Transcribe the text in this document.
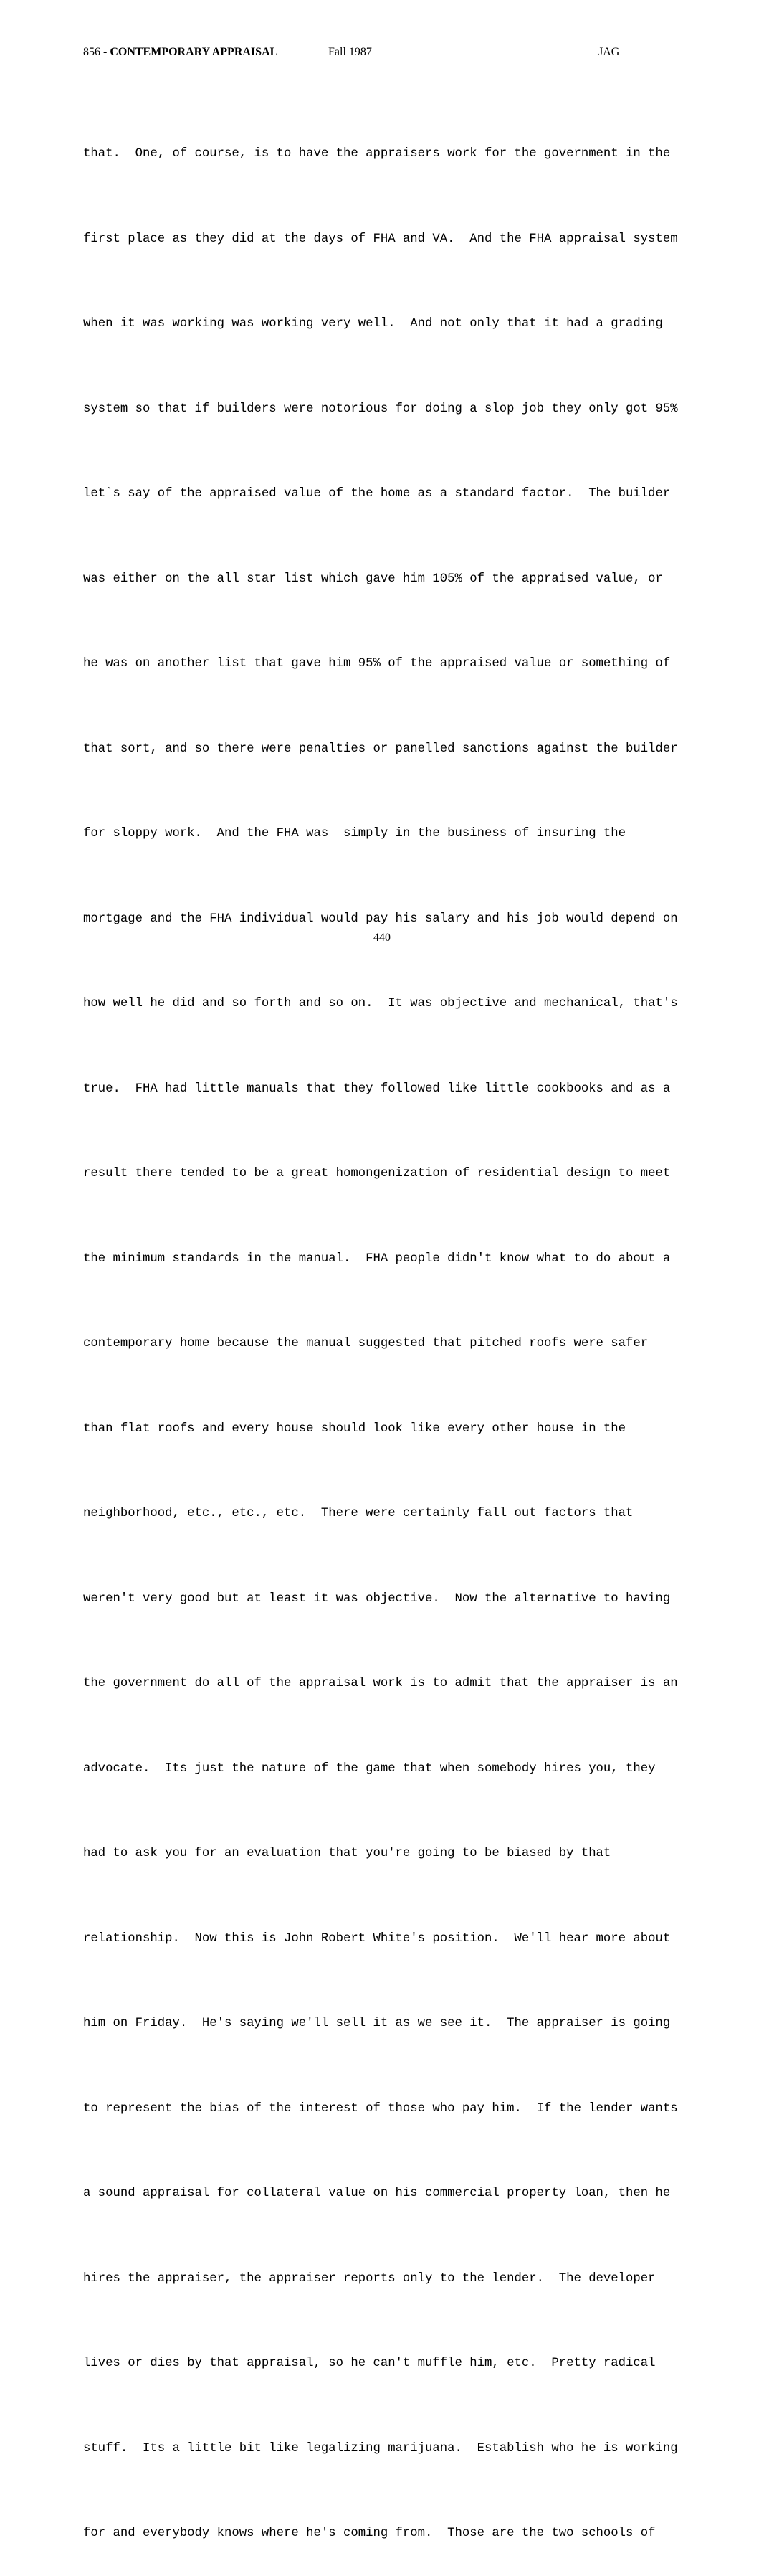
856 - CONTEMPORARY APPRAISAL	Fall 1987	JAG

that.  One, of course, is to have the appraisers work for the government in the

first place as they did at the days of FHA and VA.  And the FHA appraisal system

when it was working was working very well.  And not only that it had a grading

system so that if builders were notorious for doing a slop job they only got 95%

let`s say of the appraised value of the home as a standard factor.  The builder

was either on the all star list which gave him 105% of the appraised value, or

he was on another list that gave him 95% of the appraised value or something of

that sort, and so there were penalties or panelled sanctions against the builder

for sloppy work.  And the FHA was  simply in the business of insuring the

mortgage and the FHA individual would pay his salary and his job would depend on

how well he did and so forth and so on.  It was objective and mechanical, that's

true.  FHA had little manuals that they followed like little cookbooks and as a

result there tended to be a great homongenization of residential design to meet

the minimum standards in the manual.  FHA people didn't know what to do about a

contemporary home because the manual suggested that pitched roofs were safer

than flat roofs and every house should look like every other house in the

neighborhood, etc., etc., etc.  There were certainly fall out factors that

weren't very good but at least it was objective.  Now the alternative to having

the government do all of the appraisal work is to admit that the appraiser is an

advocate.  Its just the nature of the game that when somebody hires you, they

had to ask you for an evaluation that you're going to be biased by that

relationship.  Now this is John Robert White's position.  We'll hear more about

him on Friday.  He's saying we'll sell it as we see it.  The appraiser is going

to represent the bias of the interest of those who pay him.  If the lender wants

a sound appraisal for collateral value on his commercial property loan, then he

hires the appraiser, the appraiser reports only to the lender.  The developer

lives or dies by that appraisal, so he can't muffle him, etc.  Pretty radical

stuff.  Its a little bit like legalizing marijuana.  Establish who he is working

for and everybody knows where he's coming from.  Those are the two schools of

440
